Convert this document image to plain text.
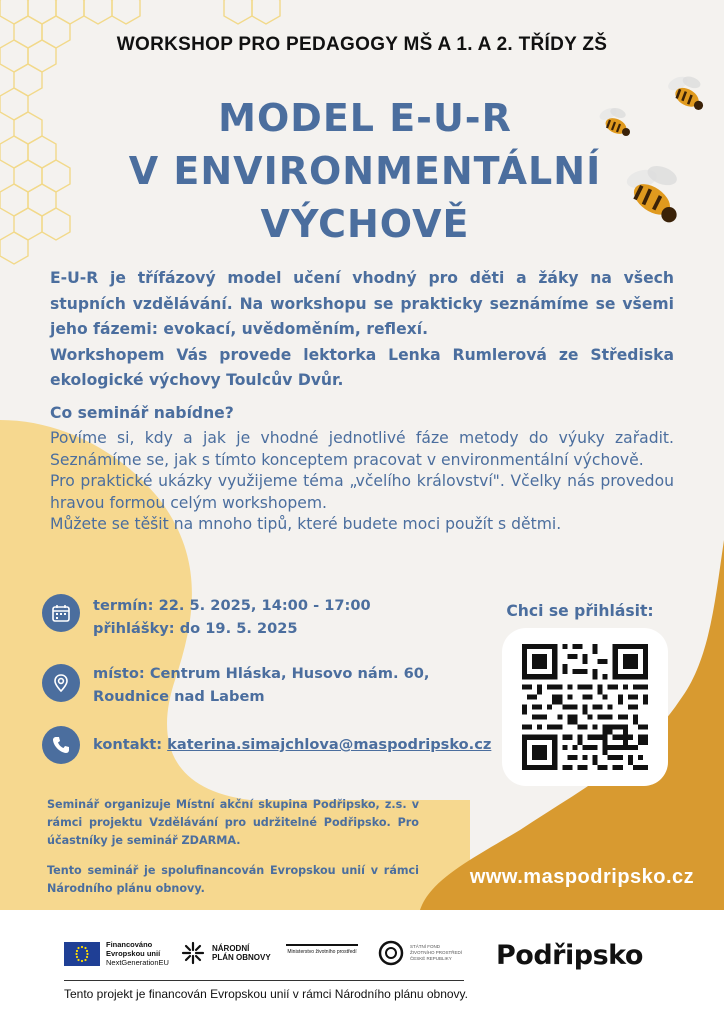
WORKSHOP PRO PEDAGOGY MŠ A 1. A 2. TŘÍDY ZŠ
MODEL E-U-R
V ENVIRONMENTÁLNÍ
VÝCHOVĚ

E-U-R je třífázový model učení vhodný pro děti a žáky na všech stupních vzdělávání. Na workshopu se prakticky seznámíme se všemi jeho fázemi: evokací, uvědoměním, reflexí.

Workshopem Vás provede lektorka Lenka Rumlerová ze Střediska ekologické výchovy Toulcův Dvůr.

Co seminář nabídne?

Povíme si, kdy a jak je vhodné jednotlivé fáze metody do výuky zařadit. Seznámíme se, jak s tímto konceptem pracovat v environmentální výchově.

Pro praktické ukázky využijeme téma „včelího království". Včelky nás provedou hravou formou celým workshopem.

Můžete se těšit na mnoho tipů, které budete moci použít s dětmi.

termín: 22. 5. 2025, 14:00 - 17:00
přihlášky: do 19. 5. 2025
místo: Centrum Hláska, Husovo nám. 60,
Roudnice nad Labem
kontakt: katerina.simajchlova@maspodripsko.cz
Chci se přihlásit:

Seminář organizuje Místní akční skupina Podřipsko, z.s. v rámci projektu Vzdělávání pro udržitelné Podřipsko. Pro účastníky je seminář ZDARMA.

Tento seminář je spolufinancován Evropskou unií v rámci Národního plánu obnovy.

www.maspodripsko.cz
Financováno
Evropskou unií
NextGenerationEU
NÁRODNÍ
PLÁN OBNOVY
Ministerstvo životního prostředí
STÁTNÍ FOND
ŽIVOTNÍHO PROSTŘEDÍ
ČESKÉ REPUBLIKY	Podřipsko
Tento projekt je financován Evropskou unií v rámci Národního plánu obnovy.
